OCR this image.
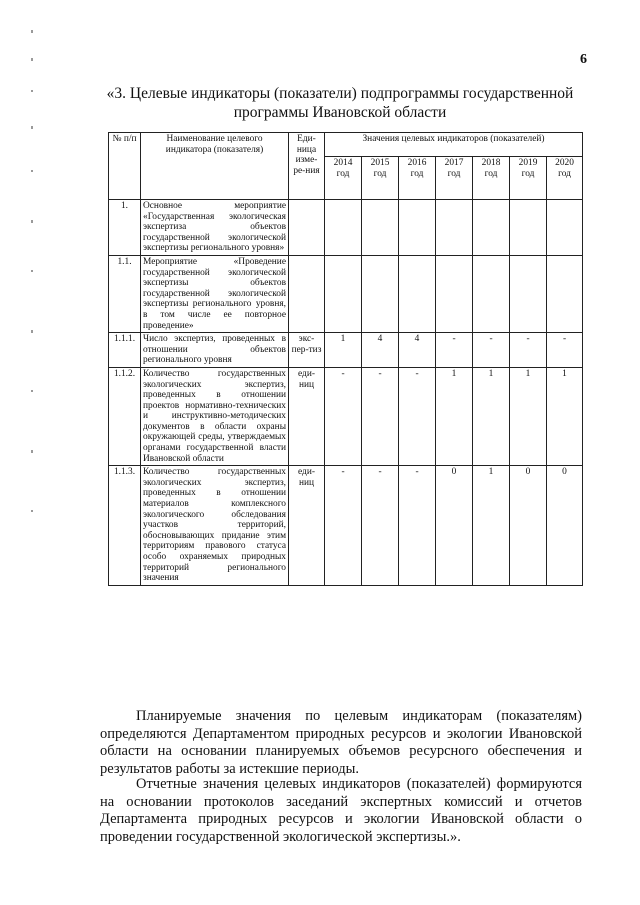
6
«3. Целевые индикаторы (показатели) подпрограммы государственной
программы Ивановской области
№ п/п	Наименование целевого индикатора (показателя)	Еди-ница изме-ре-ния	Значения целевых индикаторов (показателей)						
			2014 год	2015 год	2016 год	2017 год	2018 год	2019 год	2020 год
1.	Основное мероприятие «Государственная экологическая экспертиза объектов государственной экологической экспертизы регионального уровня»								
1.1.	Мероприятие «Проведение государственной экологической экспертизы объектов государственной экологической экспертизы регионального уровня, в том числе ее повторное проведение»								
1.1.1.	Число экспертиз, проведенных в отношении объектов регионального уровня	экс-пер-тиз	1	4	4	-	-	-	-
1.1.2.	Количество государственных экологических экспертиз, проведенных в отношении проектов нормативно-технических и инструктивно-методических документов в области охраны окружающей среды, утверждаемых органами государственной власти Ивановской области	еди-ниц	-	-	-	1	1	1	1
1.1.3.	Количество государственных экологических экспертиз, проведенных в отношении материалов комплексного экологического обследования участков территорий, обосновывающих придание этим территориям правового статуса особо охраняемых природных территорий регионального значения	еди-ниц	-	-	-	0	1	0	0
Планируемые значения по целевым индикаторам (показателям) определяются Департаментом природных ресурсов и экологии Ивановской области на основании планируемых объемов ресурсного обеспечения и результатов работы за истекшие периоды.
Отчетные значения целевых индикаторов (показателей) формируются на основании протоколов заседаний экспертных комиссий и отчетов Департамента природных ресурсов и экологии Ивановской области о проведении государственной экологической экспертизы.».
